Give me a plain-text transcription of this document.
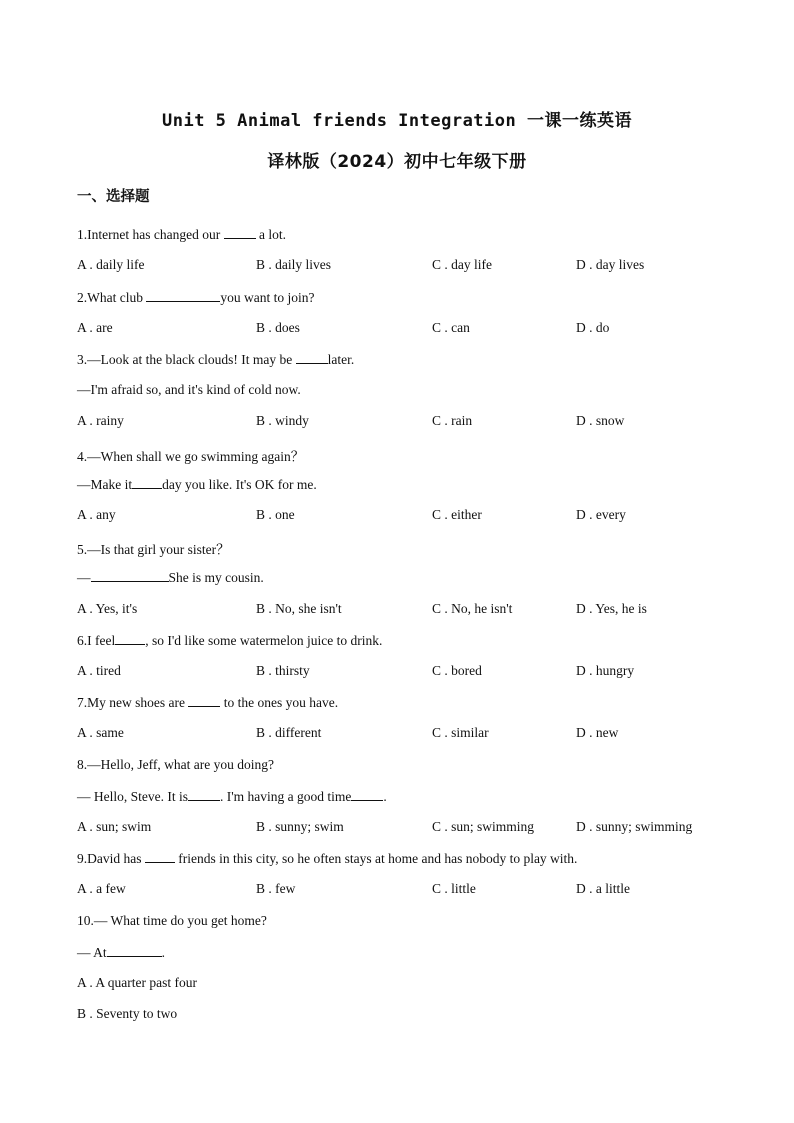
Unit 5 Animal friends Integration 一课一练英语
译林版（2024）初中七年级下册
一、选择题
1.Internet has changed our  a lot.
A . daily life	B . daily lives	C . day life	D . day lives
2.What club	you want to join?
A . are	B . does	C . can	D . do
3.—Look at the black clouds! It may be later.
—I'm afraid so, and it's kind of cold now.
A . rainy	B . windy	C . rain	D . snow
4.—When shall we go swimming again？
—Make it day you like. It's OK for me.
A . any	B . one	C . either	D . every
5.—Is that girl your sister？
—	She is my cousin.
A . Yes, it's	B . No, she isn't	C . No, he isn't	D . Yes, he is
6.I feel , so I'd like some watermelon juice to drink.
A . tired	B . thirsty	C . bored	D . hungry
7.My new shoes are  to the ones you have.
A . same	B . different	C . similar	D . new
8.—Hello, Jeff, what are you doing?
— Hello, Steve. It is . I'm having a good time .
A . sun; swim	B . sunny; swim	C . sun; swimming	D . sunny; swimming
9.David has  friends in this city, so he often stays at home and has nobody to play with.
A . a few	B . few	C . little	D . a little
10.— What time do you get home?
— At	.
A . A quarter past four
B . Seventy to two
